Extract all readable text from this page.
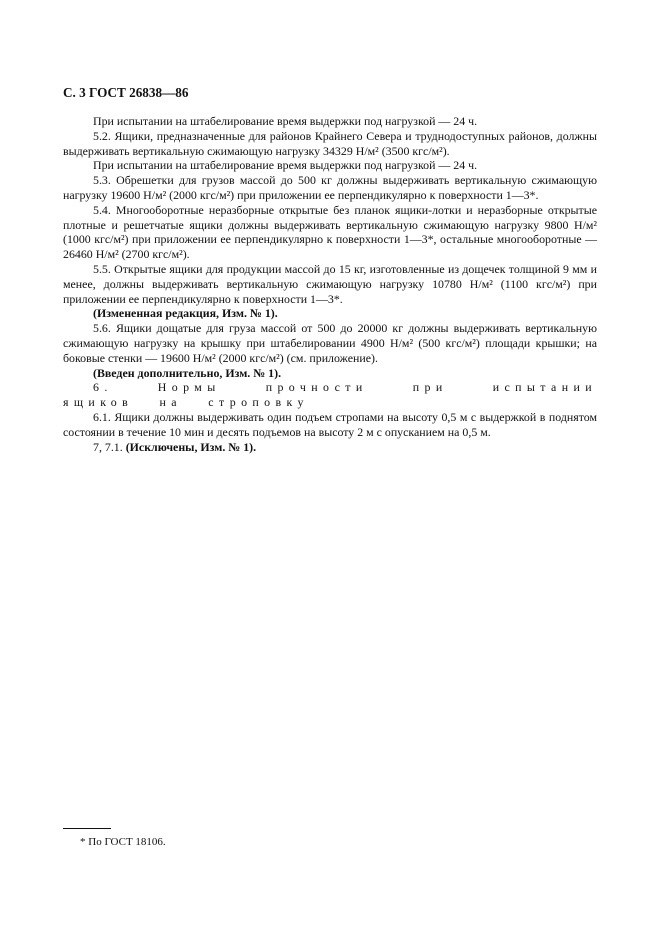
С. 3 ГОСТ 26838—86

При испытании на штабелирование время выдержки под нагрузкой — 24 ч.

5.2. Ящики, предназначенные для районов Крайнего Севера и труднодоступных районов, должны выдерживать вертикальную сжимающую нагрузку 34329 Н/м² (3500 кгс/м²).

При испытании на штабелирование время выдержки под нагрузкой — 24 ч.

5.3. Обрешетки для грузов массой до 500 кг должны выдерживать вертикальную сжимающую нагрузку 19600 Н/м² (2000 кгс/м²) при приложении ее перпендикулярно к поверхности 1—3*.

5.4. Многооборотные неразборные открытые без планок ящики-лотки и неразборные открытые плотные и решетчатые ящики должны выдерживать вертикальную сжимающую нагрузку 9800 Н/м² (1000 кгс/м²) при приложении ее перпендикулярно к поверхности 1—3*, остальные многооборотные — 26460 Н/м² (2700 кгс/м²).

5.5. Открытые ящики для продукции массой до 15 кг, изготовленные из дощечек толщиной 9 мм и менее, должны выдерживать вертикальную сжимающую нагрузку 10780 Н/м² (1100 кгс/м²) при приложении ее перпендикулярно к поверхности 1—3*.

(Измененная редакция, Изм. № 1).

5.6. Ящики дощатые для груза массой от 500 до 20000 кг должны выдерживать вертикальную сжимающую нагрузку на крышку при штабелировании 4900 Н/м² (500 кгс/м²) площади крышки; на боковые стенки — 19600 Н/м² (2000 кгс/м²) (см. приложение).

(Введен дополнительно, Изм. № 1).

6. Нормы прочности при испытании ящиков на строповку

6.1. Ящики должны выдерживать один подъем стропами на высоту 0,5 м с выдержкой в поднятом состоянии в течение 10 мин и десять подъемов на высоту 2 м с опусканием на 0,5 м.

7, 7.1. (Исключены, Изм. № 1).

* По ГОСТ 18106.
